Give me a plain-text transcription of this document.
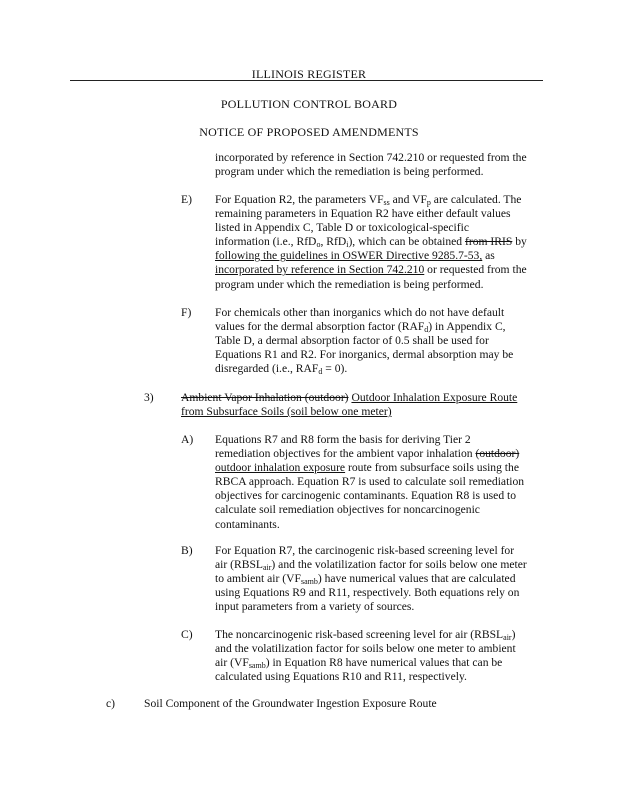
ILLINOIS REGISTER
POLLUTION CONTROL BOARD
NOTICE OF PROPOSED AMENDMENTS
incorporated by reference in Section 742.210 or requested from the
program under which the remediation is being performed.
E) For Equation R2, the parameters $VF_{ss}$ and $VF_p$ are calculated. The
remaining parameters in Equation R2 have either default values
listed in Appendix C, Table D or toxicological-specific
information (i.e., RfD$_o$, RfD$_i$), which can be obtained from IRIS by
following the guidelines in OSWER Directive 9285.7-53, as
incorporated by reference in Section 742.210 or requested from the
program under which the remediation is being performed.
F) For chemicals other than inorganics which do not have default
values for the dermal absorption factor $(RAF_d)$ in Appendix C,
Table D, a dermal absorption factor of 0.5 shall be used for
Equations R1 and R2. For inorganics, dermal absorption may be
disregarded (i.e., $RAF_d = 0$).
3) Ambient Vapor Inhalation (outdoor) Outdoor Inhalation Exposure Route
from Subsurface Soils (soil below one meter)
A) Equations R7 and R8 form the basis for deriving Tier 2
remediation objectives for the ambient vapor inhalation (outdoor)
outdoor inhalation exposure route from subsurface soils using the
RBCA approach. Equation R7 is used to calculate soil remediation
objectives for carcinogenic contaminants. Equation R8 is used to
calculate soil remediation objectives for noncarcinogenic
contaminants.
B) For Equation R7, the carcinogenic risk-based screening level for
air $(RBSL_{air})$ and the volatilization factor for soils below one meter
to ambient air $(VF_{samb})$ have numerical values that are calculated
using Equations R9 and R11, respectively. Both equations rely on
input parameters from a variety of sources.
C) The noncarcinogenic risk-based screening level for air $(RBSL_{air})$
and the volatilization factor for soils below one meter to ambient
air $(VF_{samb})$ in Equation R8 have numerical values that can be
calculated using Equations R10 and R11, respectively.
c) Soil Component of the Groundwater Ingestion Exposure Route
